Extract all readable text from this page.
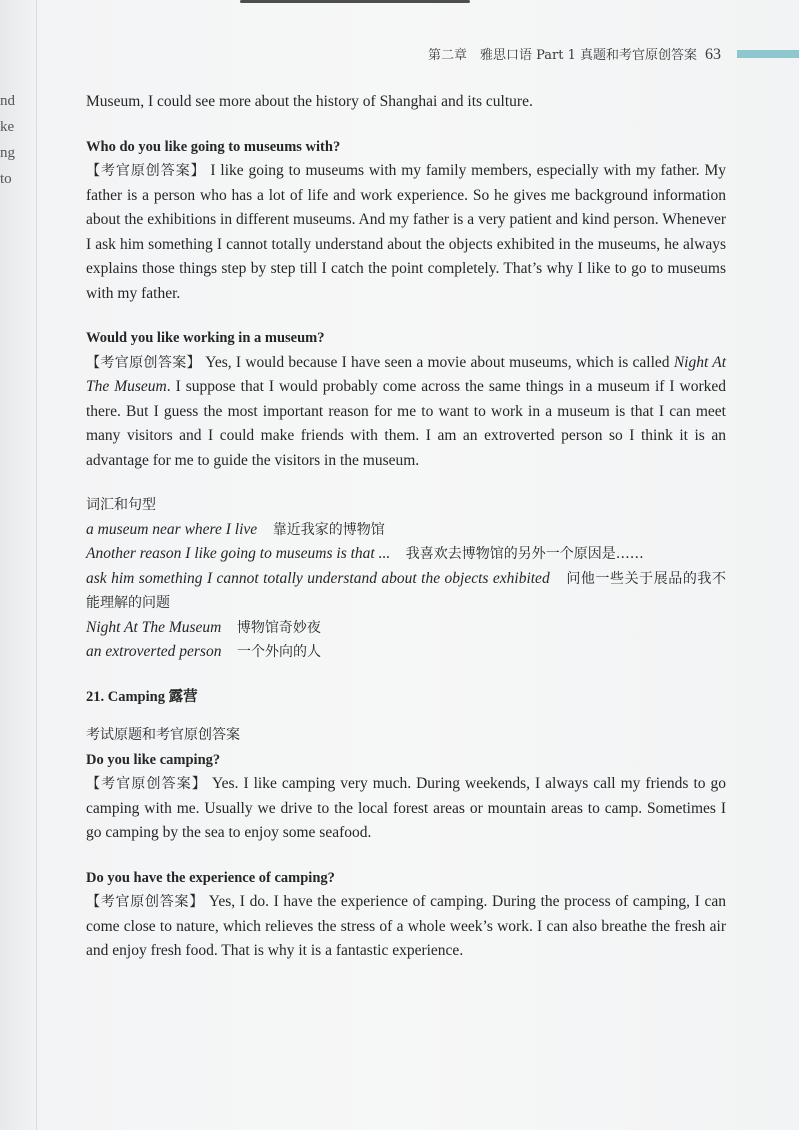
nd
ke
ng
to
第二章　雅思口语 Part 1 真题和考官原创答案 63

Museum, I could see more about the history of Shanghai and its culture.

Who do you like going to museums with?

【考官原创答案】 I like going to museums with my family members, especially with my father. My father is a person who has a lot of life and work experience. So he gives me background information about the exhibitions in different museums. And my father is a very patient and kind person. Whenever I ask him something I cannot totally understand about the objects exhibited in the museums, he always explains those things step by step till I catch the point completely. That’s why I like to go to museums with my father.

Would you like working in a museum?

【考官原创答案】 Yes, I would because I have seen a movie about museums, which is called Night At The Museum. I suppose that I would probably come across the same things in a museum if I worked there. But I guess the most important reason for me to want to work in a museum is that I can meet many visitors and I could make friends with them. I am an extroverted person so I think it is an advantage for me to guide the visitors in the museum.

词汇和句型

a museum near where I live　 靠近我家的博物馆

Another reason I like going to museums is that ...　 我喜欢去博物馆的另外一个原因是……

ask him something I cannot totally understand about the objects exhibited　 问他一些关于展品的我不能理解的问题

Night At The Museum　 博物馆奇妙夜

an extroverted person　 一个外向的人

21. Camping 露营

考试原题和考官原创答案

Do you like camping?

【考官原创答案】 Yes. I like camping very much. During weekends, I always call my friends to go camping with me. Usually we drive to the local forest areas or mountain areas to camp. Sometimes I go camping by the sea to enjoy some seafood.

Do you have the experience of camping?

【考官原创答案】 Yes, I do. I have the experience of camping. During the process of camping, I can come close to nature, which relieves the stress of a whole week’s work. I can also breathe the fresh air and enjoy fresh food. That is why it is a fantastic experience.
